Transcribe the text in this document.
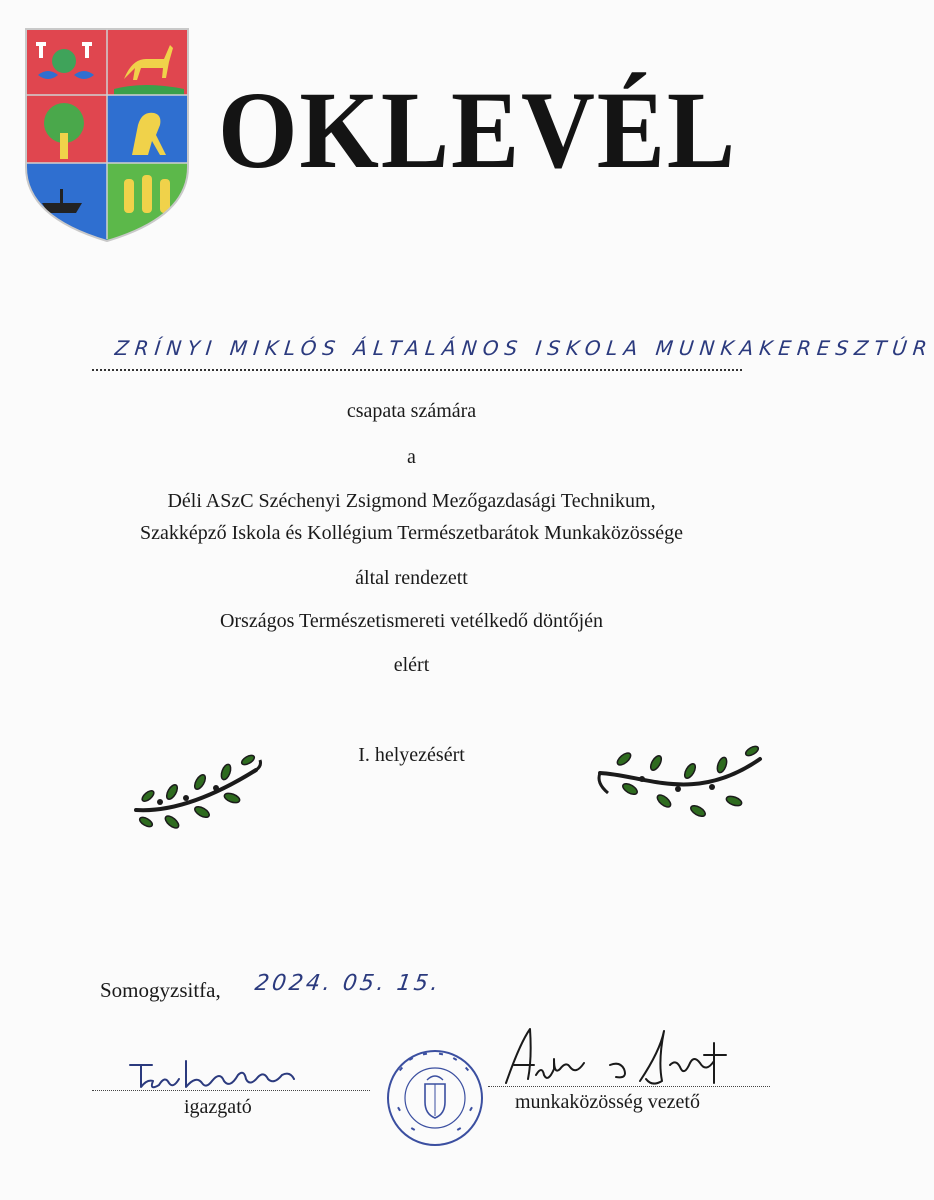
OKLEVÉL
ZRÍNYI MIKLÓS ÁLTALÁNOS ISKOLA MUNKAKERESZTÚR
csapata számára
a
Déli ASzC Széchenyi Zsigmond Mezőgazdasági Technikum,
Szakképző Iskola és Kollégium Természetbarátok Munkaközössége
által rendezett
Országos Természetismereti vetélkedő döntőjén
elért
I. helyezésért
Somogyzsitfa, 2024. 05. 15.
igazgató	munkaközösség vezető
